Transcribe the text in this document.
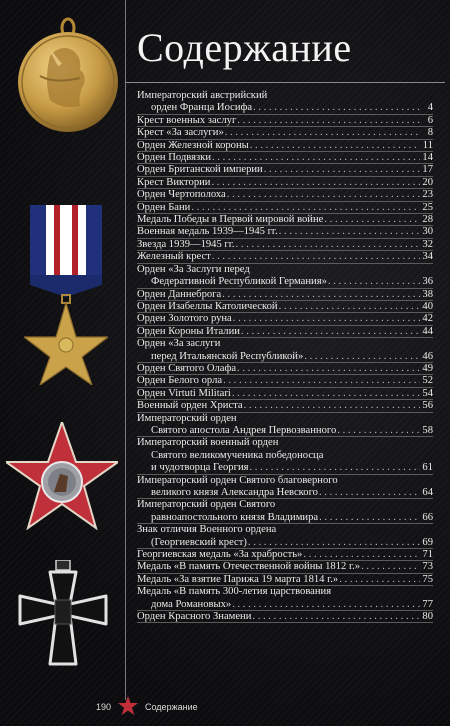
Содержание
Императорский австрийский
орден Франца Иосифа . . .	4
Крест военных заслуг . . .	6
Крест «За заслуги» . . .	8
Орден Железной короны . . .	11
Орден Подвязки . . .	14
Орден Британской империи . . .	17
Крест Виктории . . .	20
Орден Чертополоха . . .	23
Орден Бани . . .	25
Медаль Победы в Первой мировой войне . . .	28
Военная медаль 1939—1945 гг. . . .	30
Звезда 1939—1945 гг. . . .	32
Железный крест . . .	34
Орден «За Заслуги перед
Федеративной Республикой Германия» . . .	36
Орден Даннеброга . . .	38
Орден Изабеллы Католической . . .	40
Орден Золотого руна . . .	42
Орден Короны Италии . . .	44
Орден «За заслуги
перед Итальянской Республикой» . . .	46
Орден Святого Олафа . . .	49
Орден Белого орла . . .	52
Орден Virtuti Militari . . .	54
Военный орден Христа . . .	56
Императорский орден
Святого апостола Андрея Первозванного . . .	58
Императорский военный орден
Святого великомученика победоносца
и чудотворца Георгия . . .	61
Императорский орден Святого благоверного
великого князя Александра Невского . . .	64
Императорский орден Святого
равноапостольного князя Владимира . . .	66
Знак отличия Военного ордена
(Георгиевский крест) . . .	69
Георгиевская медаль «За храбрость» . . .	71
Медаль «В память Отечественной войны 1812 г.» . . .	73
Медаль «За взятие Парижа 19 марта 1814 г.» . . .	75
Медаль «В память 300-летия царствования
дома Романовых» . . .	77
Орден Красного Знамени . . .	80
190	Содержание
